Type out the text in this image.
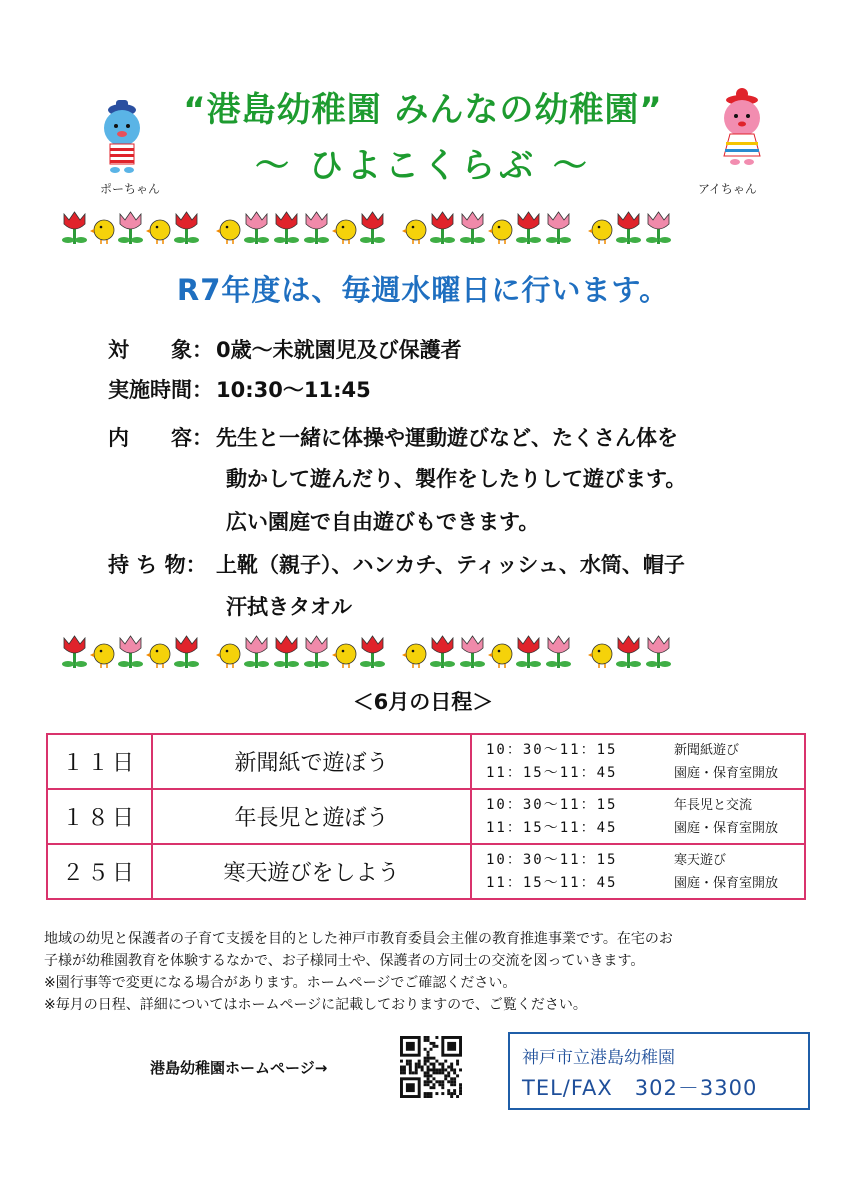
“港島幼稚園 みんなの幼稚園”
～ ひよこくらぶ ～
ポーちゃん	アイちゃん
R7年度は、毎週水曜日に行います。
対　　象： 0歳～未就園児及び保護者
実施時間： 10:30～11:45
内　　容： 先生と一緒に体操や運動遊びなど、たくさん体を
動かして遊んだり、製作をしたりして遊びます。
広い園庭で自由遊びもできます。
持 ち 物： 上靴（親子）、ハンカチ、ティッシュ、水筒、帽子
汗拭きタオル
＜6月の日程＞
１１日	新聞紙で遊ぼう	10：30～11：15 新聞紙遊び
11：15～11：45 園庭・保育室開放

１８日	年長児と遊ぼう	10：30～11：15 年長児と交流
11：15～11：45 園庭・保育室開放

２５日	寒天遊びをしよう	10：30～11：15 寒天遊び
11：15～11：45 園庭・保育室開放
地域の幼児と保護者の子育て支援を目的とした神戸市教育委員会主催の教育推進事業です。在宅のお
子様が幼稚園教育を体験するなかで、お子様同士や、保護者の方同士の交流を図っていきます。
※園行事等で変更になる場合があります。ホームページでご確認ください。
※毎月の日程、詳細についてはホームページに記載しておりますので、ご覧ください。
港島幼稚園ホームページ→	神戸市立港島幼稚園
TEL/FAX　302－3300
